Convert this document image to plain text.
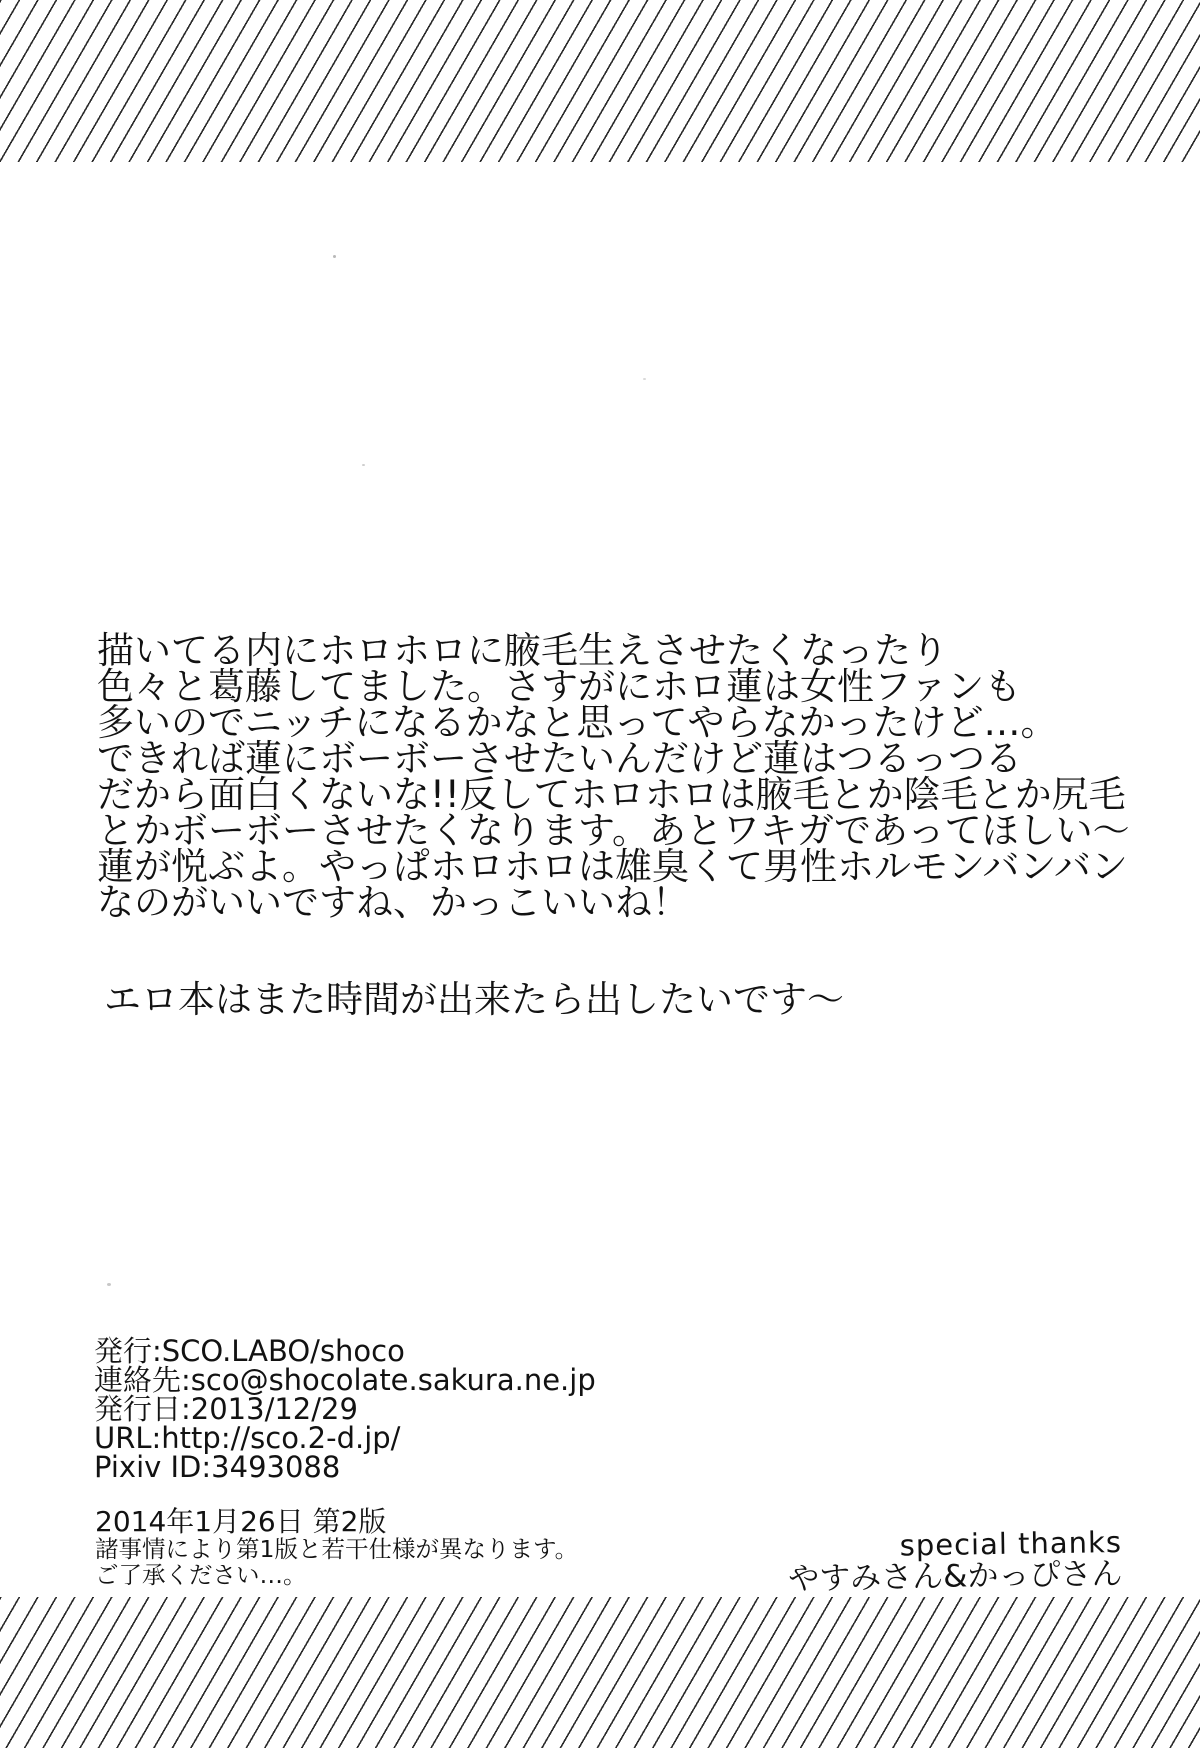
描いてる内にホロホロに腋毛生えさせたくなったり
色々と葛藤してました。さすがにホロ蓮は女性ファンも
多いのでニッチになるかなと思ってやらなかったけど…。
できれば蓮にボーボーさせたいんだけど蓮はつるっつる
だから面白くないな!!反してホロホロは腋毛とか陰毛とか尻毛
とかボーボーさせたくなります。あとワキガであってほしい〜
蓮が悦ぶよ。やっぱホロホロは雄臭くて男性ホルモンバンバン
なのがいいですね、かっこいいね！
エロ本はまた時間が出来たら出したいです〜
発行:SCO.LABO/shoco
連絡先:sco@shocolate.sakura.ne.jp
発行日:2013/12/29
URL:http://sco.2-d.jp/
Pixiv ID:3493088
2014年1月26日 第2版
諸事情により第1版と若干仕様が異なります。
ご了承ください…。
special thanks
やすみさん&かっぴさん
